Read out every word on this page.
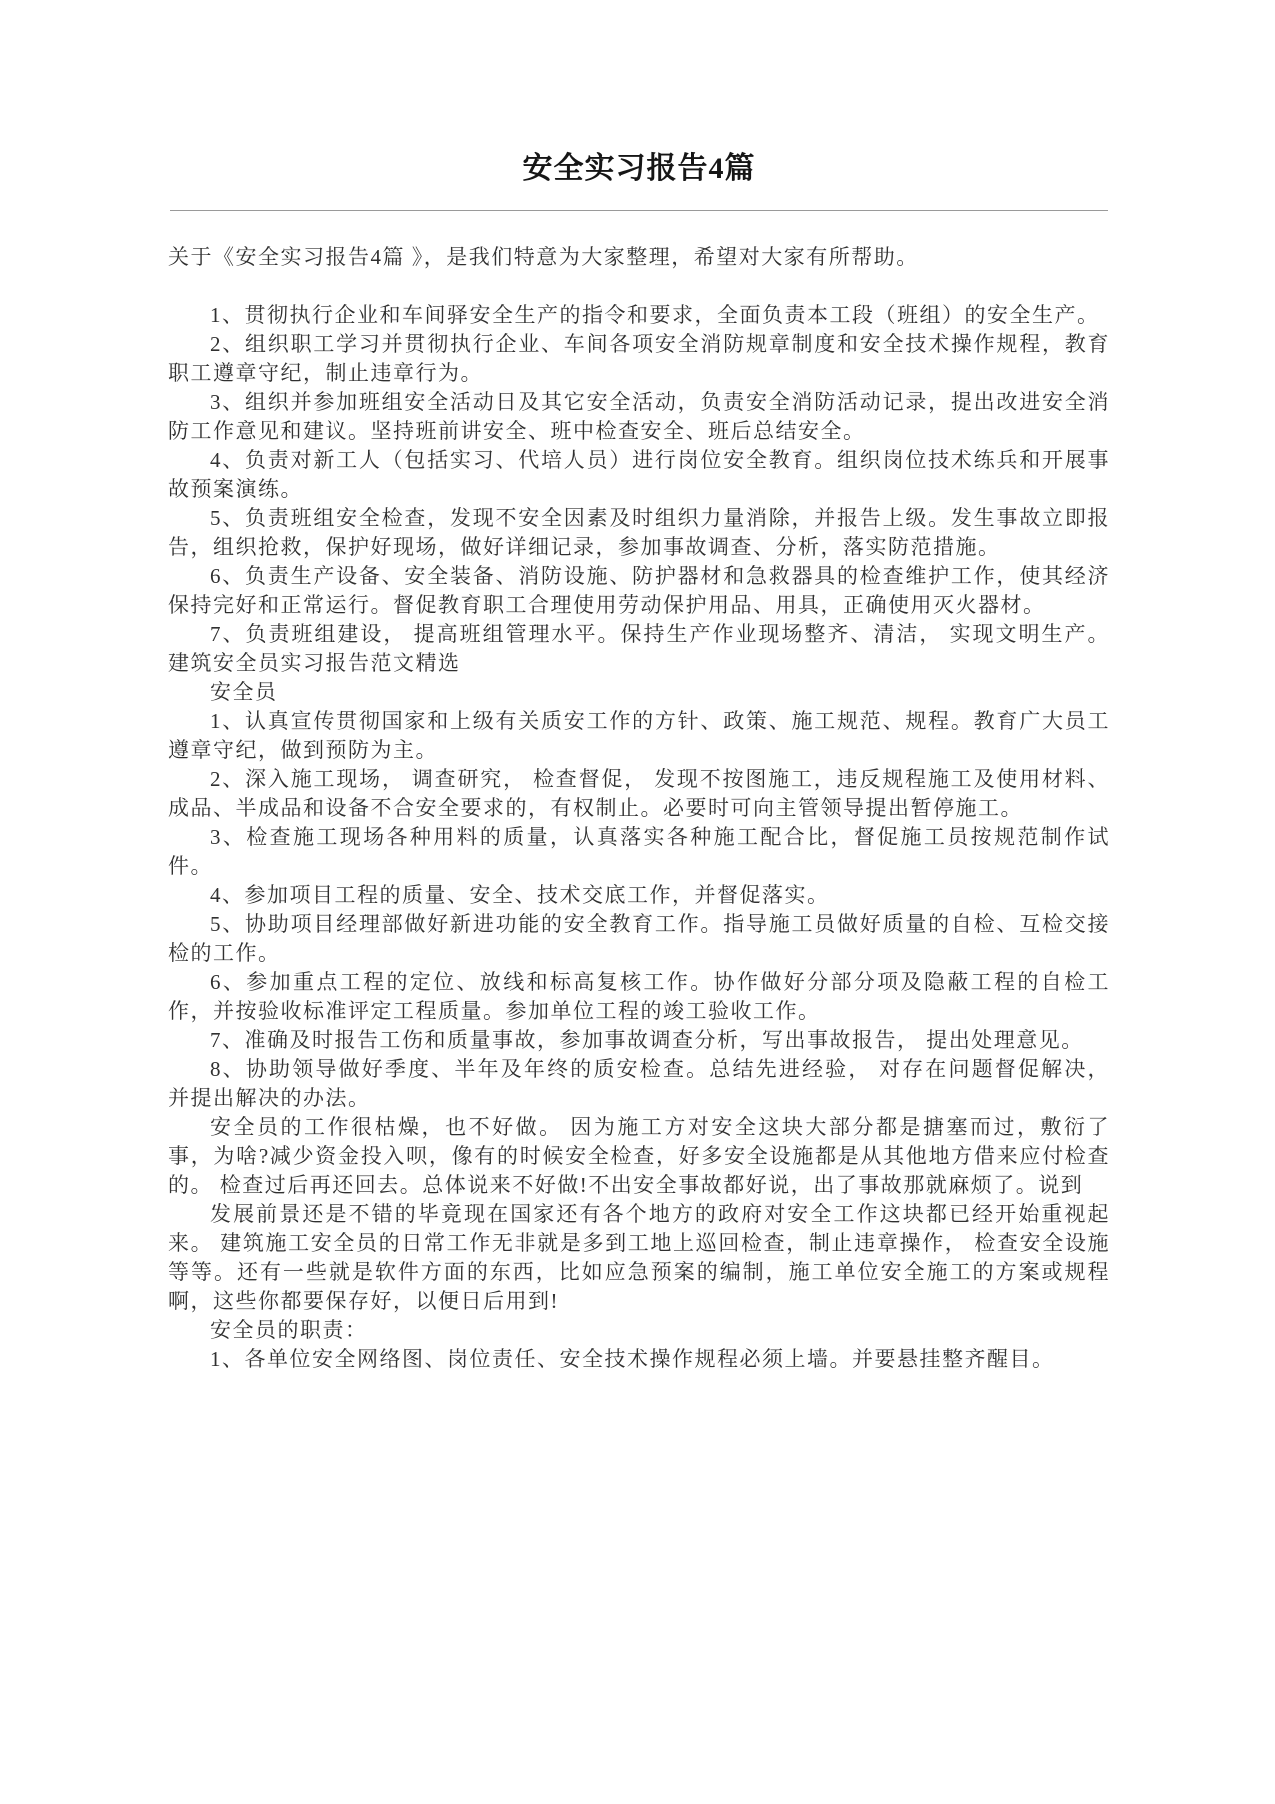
安全实习报告4篇

关于《安全实习报告4篇 》，是我们特意为大家整理，希望对大家有所帮助。

1、贯彻执行企业和车间驿安全生产的指令和要求，全面负责本工段（班组）的安全生产。

2、组织职工学习并贯彻执行企业、车间各项安全消防规章制度和安全技术操作规程，教育职工遵章守纪，制止违章行为。

3、组织并参加班组安全活动日及其它安全活动，负责安全消防活动记录，提出改进安全消防工作意见和建议。坚持班前讲安全、班中检查安全、班后总结安全。

4、负责对新工人（包括实习、代培人员）进行岗位安全教育。组织岗位技术练兵和开展事故预案演练。

5、负责班组安全检查，发现不安全因素及时组织力量消除，并报告上级。发生事故立即报告，组织抢救，保护好现场，做好详细记录，参加事故调查、分析，落实防范措施。

6、负责生产设备、安全装备、消防设施、防护器材和急救器具的检查维护工作，使其经济保持完好和正常运行。督促教育职工合理使用劳动保护用品、用具，正确使用灭火器材。

7、负责班组建设， 提高班组管理水平。保持生产作业现场整齐、清洁， 实现文明生产。建筑安全员实习报告范文精选

安全员

1、认真宣传贯彻国家和上级有关质安工作的方针、政策、施工规范、规程。教育广大员工遵章守纪，做到预防为主。

2、深入施工现场， 调查研究， 检查督促， 发现不按图施工，违反规程施工及使用材料、成品、半成品和设备不合安全要求的，有权制止。必要时可向主管领导提出暂停施工。

3、检查施工现场各种用料的质量，认真落实各种施工配合比，督促施工员按规范制作试件。

4、参加项目工程的质量、安全、技术交底工作，并督促落实。

5、协助项目经理部做好新进功能的安全教育工作。指导施工员做好质量的自检、互检交接检的工作。

6、参加重点工程的定位、放线和标高复核工作。协作做好分部分项及隐蔽工程的自检工作，并按验收标准评定工程质量。参加单位工程的竣工验收工作。

7、准确及时报告工伤和质量事故，参加事故调查分析，写出事故报告， 提出处理意见。

8、协助领导做好季度、半年及年终的质安检查。总结先进经验， 对存在问题督促解决， 并提出解决的办法。

安全员的工作很枯燥，也不好做。 因为施工方对安全这块大部分都是搪塞而过，敷衍了事，为啥?减少资金投入呗，像有的时候安全检查，好多安全设施都是从其他地方借来应付检查的。 检查过后再还回去。总体说来不好做!不出安全事故都好说，出了事故那就麻烦了。说到

发展前景还是不错的毕竟现在国家还有各个地方的政府对安全工作这块都已经开始重视起来。 建筑施工安全员的日常工作无非就是多到工地上巡回检查，制止违章操作， 检查安全设施等等。还有一些就是软件方面的东西，比如应急预案的编制，施工单位安全施工的方案或规程啊，这些你都要保存好，以便日后用到!

安全员的职责：

1、各单位安全网络图、岗位责任、安全技术操作规程必须上墙。并要悬挂整齐醒目。
